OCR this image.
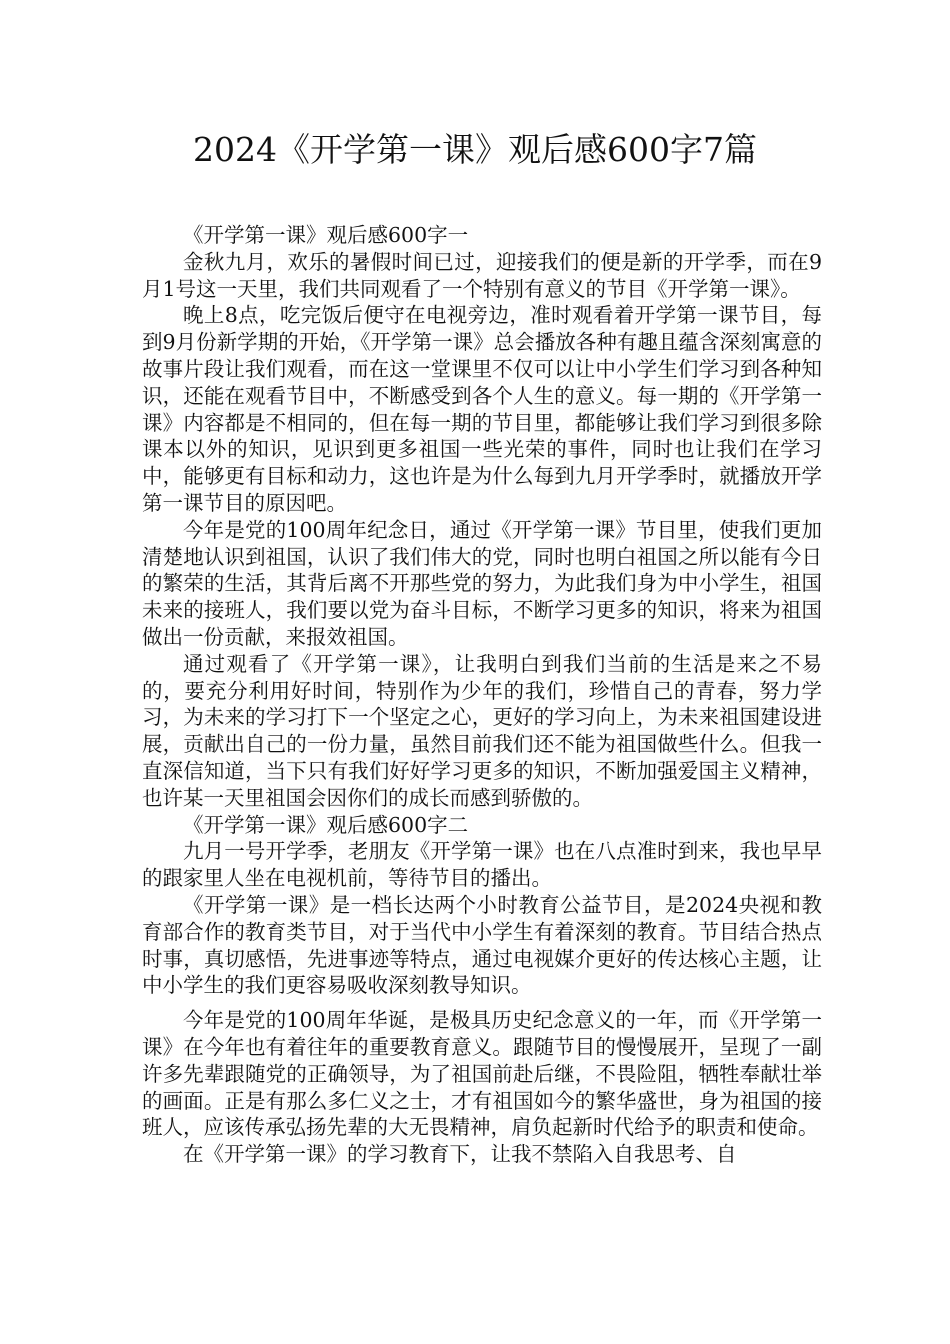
2024《开学第一课》观后感600字7篇

《开学第一课》观后感600字一

金秋九月，欢乐的暑假时间已过，迎接我们的便是新的开学季，而在9月1号这一天里，我们共同观看了一个特别有意义的节目《开学第一课》。

晚上8点，吃完饭后便守在电视旁边，准时观看着开学第一课节目，每到9月份新学期的开始，《开学第一课》总会播放各种有趣且蕴含深刻寓意的故事片段让我们观看，而在这一堂课里不仅可以让中小学生们学习到各种知识，还能在观看节目中，不断感受到各个人生的意义。每一期的《开学第一课》内容都是不相同的，但在每一期的节目里，都能够让我们学习到很多除课本以外的知识，见识到更多祖国一些光荣的事件，同时也让我们在学习中，能够更有目标和动力，这也许是为什么每到九月开学季时，就播放开学第一课节目的原因吧。

今年是党的100周年纪念日，通过《开学第一课》节目里，使我们更加清楚地认识到祖国，认识了我们伟大的党，同时也明白祖国之所以能有今日的繁荣的生活，其背后离不开那些党的努力，为此我们身为中小学生，祖国未来的接班人，我们要以党为奋斗目标，不断学习更多的知识，将来为祖国做出一份贡献，来报效祖国。

通过观看了《开学第一课》，让我明白到我们当前的生活是来之不易的，要充分利用好时间，特别作为少年的我们，珍惜自己的青春，努力学习，为未来的学习打下一个坚定之心，更好的学习向上，为未来祖国建设进展，贡献出自己的一份力量，虽然目前我们还不能为祖国做些什么。但我一直深信知道，当下只有我们好好学习更多的知识，不断加强爱国主义精神，也许某一天里祖国会因你们的成长而感到骄傲的。

《开学第一课》观后感600字二

九月一号开学季，老朋友《开学第一课》也在八点准时到来，我也早早的跟家里人坐在电视机前，等待节目的播出。

《开学第一课》是一档长达两个小时教育公益节目，是2024央视和教育部合作的教育类节目，对于当代中小学生有着深刻的教育。节目结合热点时事，真切感悟，先进事迹等特点，通过电视媒介更好的传达核心主题，让中小学生的我们更容易吸收深刻教导知识。

今年是党的100周年华诞，是极具历史纪念意义的一年，而《开学第一课》在今年也有着往年的重要教育意义。跟随节目的慢慢展开，呈现了一副许多先辈跟随党的正确领导，为了祖国前赴后继，不畏险阻，牺牲奉献壮举的画面。正是有那么多仁义之士，才有祖国如今的繁华盛世，身为祖国的接班人，应该传承弘扬先辈的大无畏精神，肩负起新时代给予的职责和使命。

在《开学第一课》的学习教育下，让我不禁陷入自我思考、自
